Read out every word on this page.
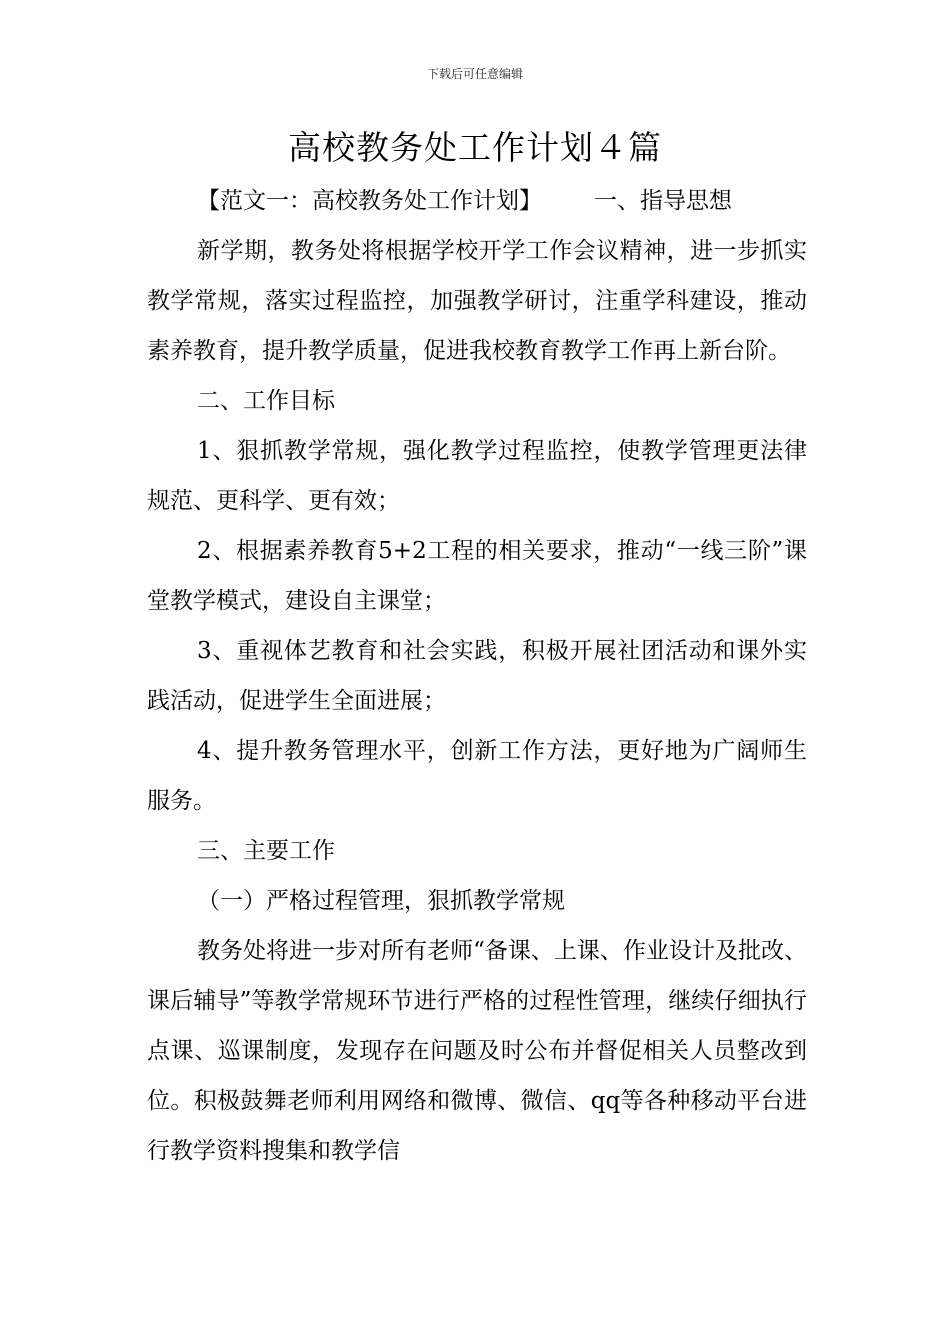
下载后可任意编辑
高校教务处工作计划４篇

【范文一：高校教务处工作计划】 一、指导思想

新学期，教务处将根据学校开学工作会议精神，进一步抓实教学常规，落实过程监控，加强教学研讨，注重学科建设，推动素养教育，提升教学质量，促进我校教育教学工作再上新台阶。

二、工作目标

1、狠抓教学常规，强化教学过程监控，使教学管理更法律规范、更科学、更有效；

2、根据素养教育5+2工程的相关要求，推动“一线三阶”课堂教学模式，建设自主课堂；

3、重视体艺教育和社会实践，积极开展社团活动和课外实践活动，促进学生全面进展；

4、提升教务管理水平，创新工作方法，更好地为广阔师生服务。

三、主要工作

（一）严格过程管理，狠抓教学常规

教务处将进一步对所有老师“备课、上课、作业设计及批改、课后辅导”等教学常规环节进行严格的过程性管理，继续仔细执行点课、巡课制度，发现存在问题及时公布并督促相关人员整改到位。积极鼓舞老师利用网络和微博、微信、qq等各种移动平台进行教学资料搜集和教学信
